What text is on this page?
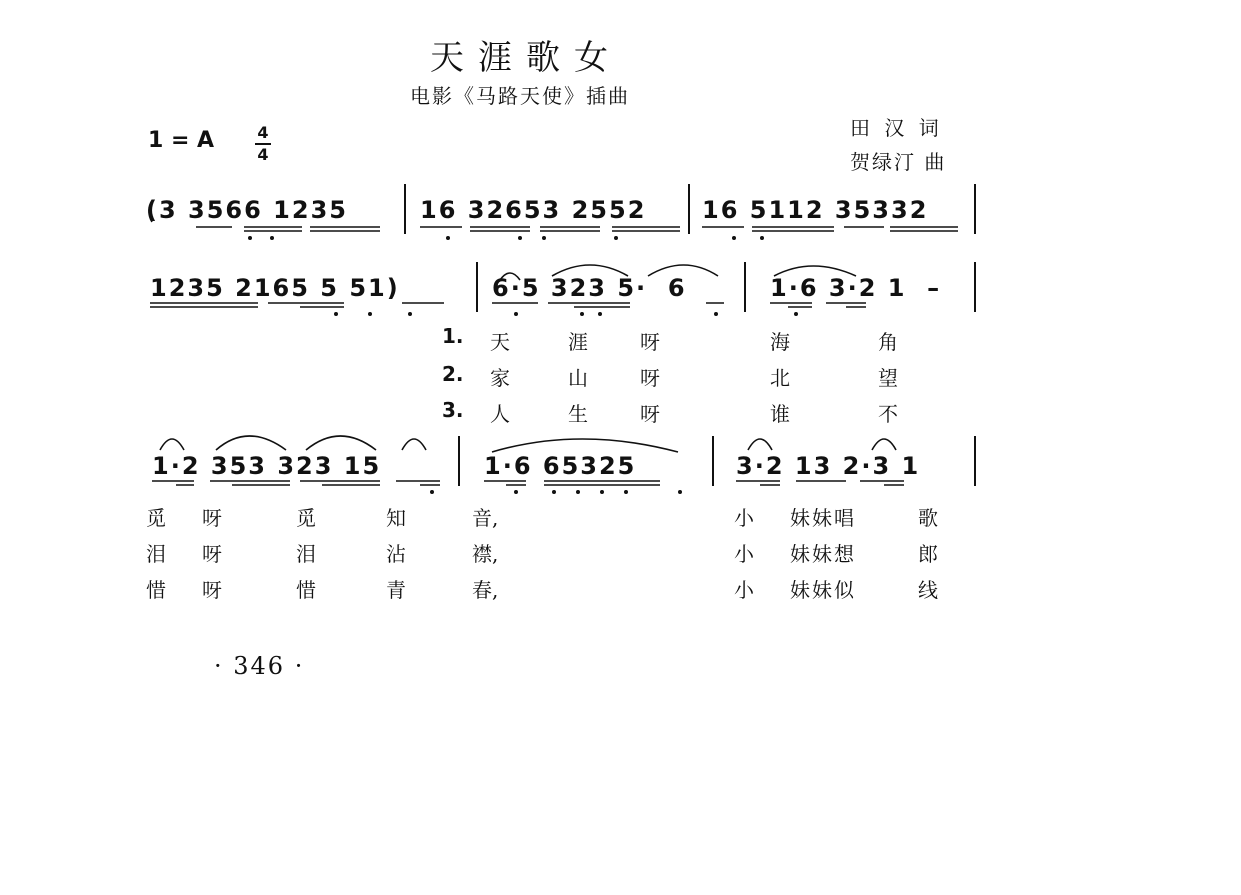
天涯歌女
电影《马路天使》插曲
1 = A	4
4
田 汉 词
贺绿汀 曲
(3 3566 1235	16 32653 2552 16 5112 35332
1235 2165 5 51)	6·5 323 5·  6	1·6 3·2 1  –
1.
2.
3.
天	涯	呀	海	角
家	山	呀	北	望
人	生	呀	谁	不
1·2 353 323 15	1·6 65325	3·2 13 2·3 1
觅 呀	觅	知	音,	小 妹妹唱	歌
泪 呀	泪	沾	襟,	小 妹妹想	郎
惜 呀	惜	青	春,	小 妹妹似	线
· 346 ·
